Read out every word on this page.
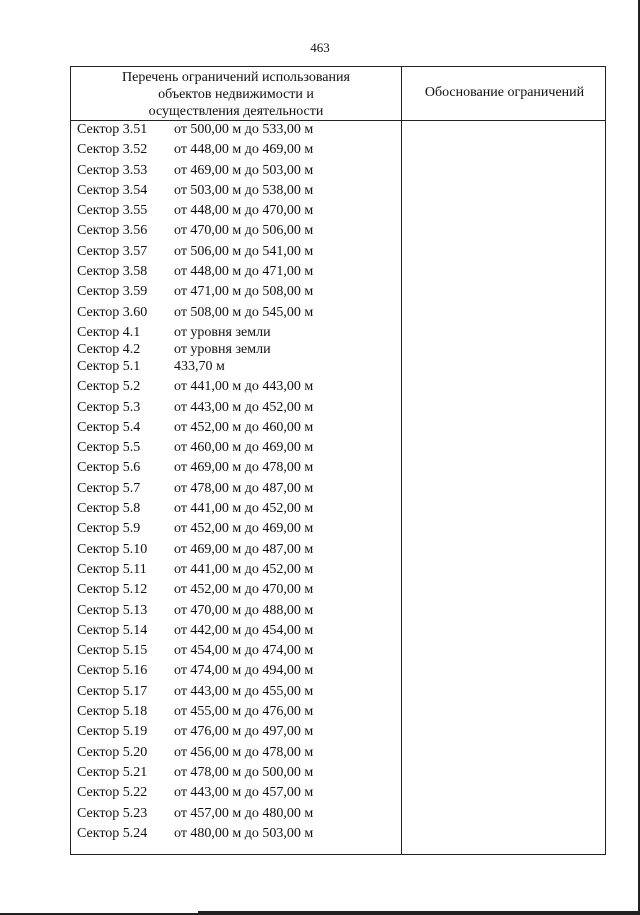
463
Перечень ограничений использования
объектов недвижимости и
осуществления деятельности
Обоснование ограничений
Сектор 3.51 от 500,00 м до 533,00 м
Сектор 3.52 от 448,00 м до 469,00 м
Сектор 3.53 от 469,00 м до 503,00 м
Сектор 3.54 от 503,00 м до 538,00 м
Сектор 3.55 от 448,00 м до 470,00 м
Сектор 3.56 от 470,00 м до 506,00 м
Сектор 3.57 от 506,00 м до 541,00 м
Сектор 3.58 от 448,00 м до 471,00 м
Сектор 3.59 от 471,00 м до 508,00 м
Сектор 3.60 от 508,00 м до 545,00 м
Сектор 4.1 от уровня земли
Сектор 4.2 от уровня земли
Сектор 5.1 433,70 м
Сектор 5.2 от 441,00 м до 443,00 м
Сектор 5.3 от 443,00 м до 452,00 м
Сектор 5.4 от 452,00 м до 460,00 м
Сектор 5.5 от 460,00 м до 469,00 м
Сектор 5.6 от 469,00 м до 478,00 м
Сектор 5.7 от 478,00 м до 487,00 м
Сектор 5.8 от 441,00 м до 452,00 м
Сектор 5.9 от 452,00 м до 469,00 м
Сектор 5.10 от 469,00 м до 487,00 м
Сектор 5.11 от 441,00 м до 452,00 м
Сектор 5.12 от 452,00 м до 470,00 м
Сектор 5.13 от 470,00 м до 488,00 м
Сектор 5.14 от 442,00 м до 454,00 м
Сектор 5.15 от 454,00 м до 474,00 м
Сектор 5.16 от 474,00 м до 494,00 м
Сектор 5.17 от 443,00 м до 455,00 м
Сектор 5.18 от 455,00 м до 476,00 м
Сектор 5.19 от 476,00 м до 497,00 м
Сектор 5.20 от 456,00 м до 478,00 м
Сектор 5.21 от 478,00 м до 500,00 м
Сектор 5.22 от 443,00 м до 457,00 м
Сектор 5.23 от 457,00 м до 480,00 м
Сектор 5.24 от 480,00 м до 503,00 м
